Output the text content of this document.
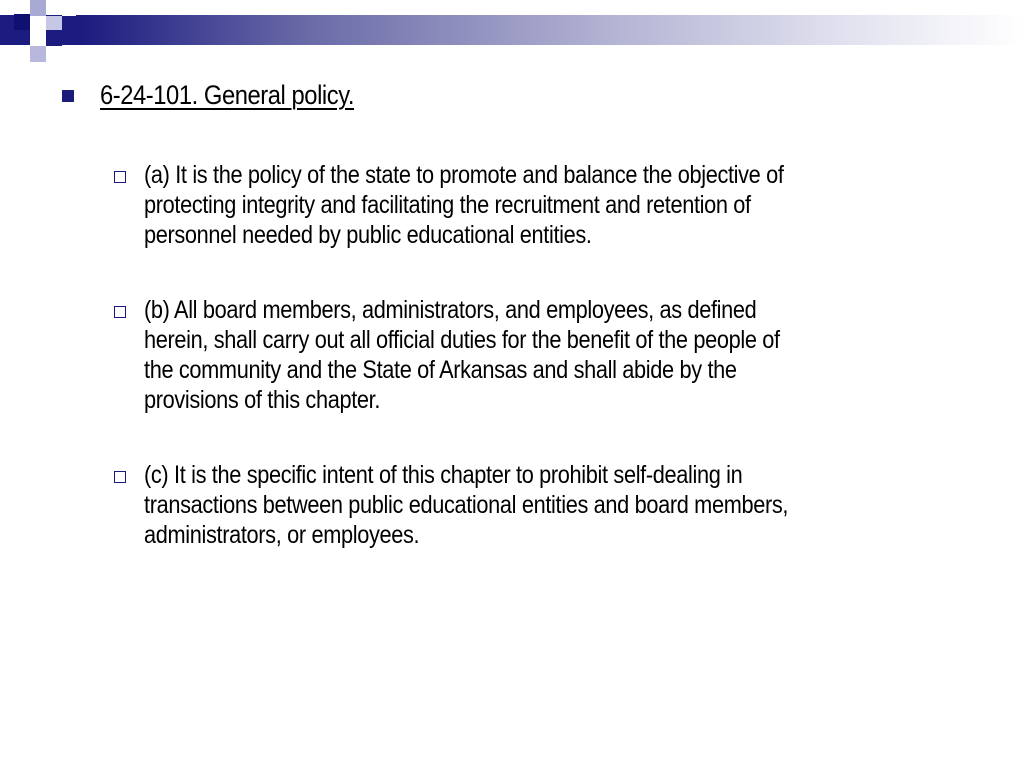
6-24-101. General policy.
(a) It is the policy of the state to promote and balance the objective of
protecting integrity and facilitating the recruitment and retention of
personnel needed by public educational entities.
(b) All board members, administrators, and employees, as defined
herein, shall carry out all official duties for the benefit of the people of
the community and the State of Arkansas and shall abide by the
provisions of this chapter.
(c) It is the specific intent of this chapter to prohibit self-dealing in
transactions between public educational entities and board members,
administrators, or employees.
